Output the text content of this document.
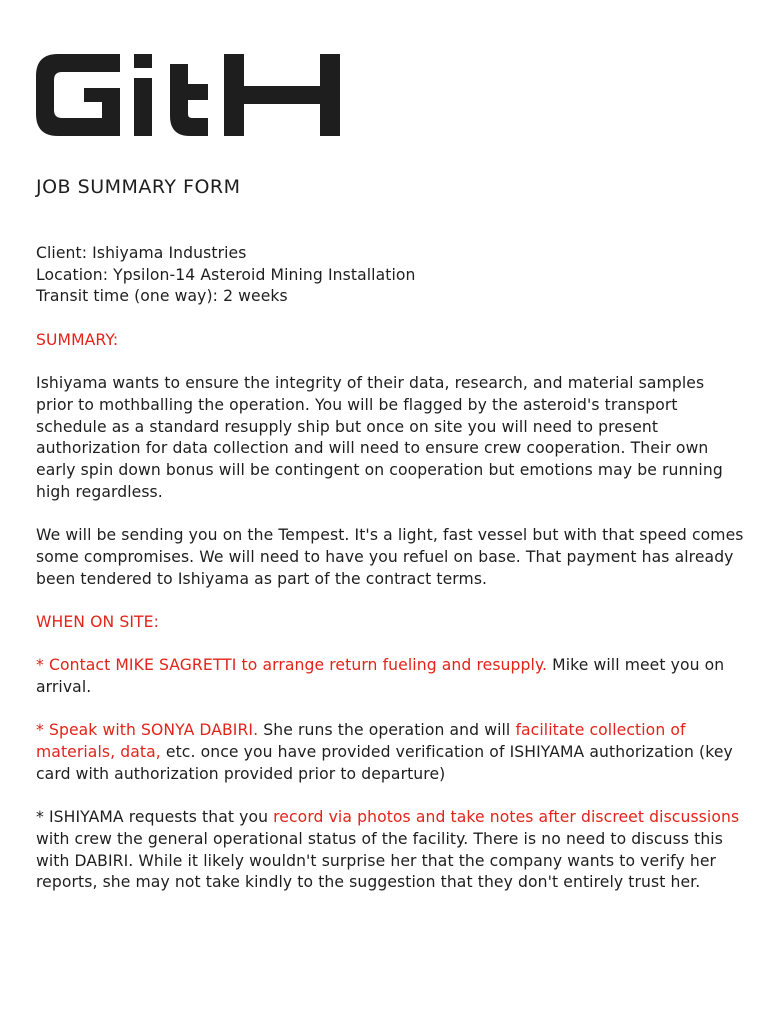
JOB SUMMARY FORM

Client: Ishiyama Industries

Location: Ypsilon-14 Asteroid Mining Installation

Transit time (one way): 2 weeks

SUMMARY:

Ishiyama wants to ensure the integrity of their data, research, and material samples prior to mothballing the operation. You will be flagged by the asteroid's transport schedule as a standard resupply ship but once on site you will need to present authorization for data collection and will need to ensure crew cooperation. Their own early spin down bonus will be contingent on cooperation but emotions may be running high regardless.

We will be sending you on the Tempest. It's a light, fast vessel but with that speed comes some compromises. We will need to have you refuel on base. That payment has already been tendered to Ishiyama as part of the contract terms.

WHEN ON SITE:

* Contact MIKE SAGRETTI to arrange return fueling and resupply. Mike will meet you on arrival.

* Speak with SONYA DABIRI. She runs the operation and will facilitate collection of materials, data, etc. once you have provided verification of ISHIYAMA authorization (key card with authorization provided prior to departure)

* ISHIYAMA requests that you record via photos and take notes after discreet discussions with crew the general operational status of the facility. There is no need to discuss this with DABIRI. While it likely wouldn't surprise her that the company wants to verify her reports, she may not take kindly to the suggestion that they don't entirely trust her.
